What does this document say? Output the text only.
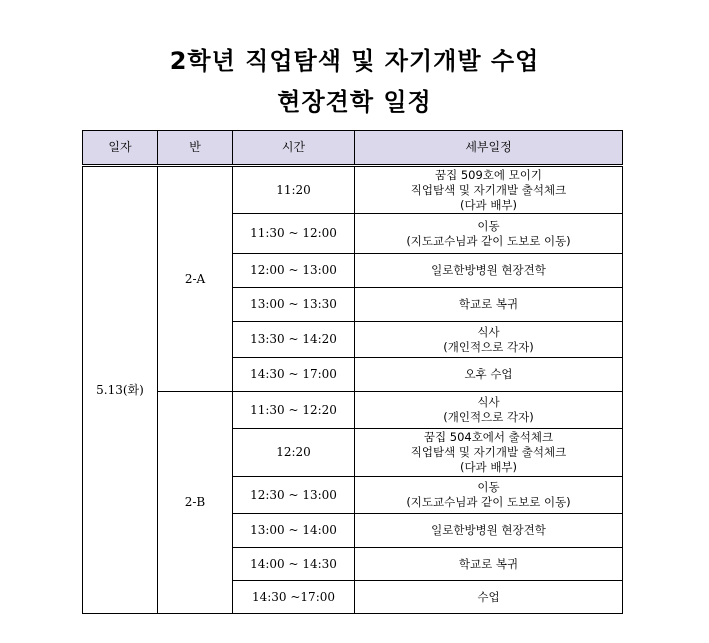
2학년 직업탐색 및 자기개발 수업
현장견학 일정
일자	반	시간	세부일정
5.13(화)	2-A	11:20	꿈집 509호에 모이기
직업탐색 및 자기개발 출석체크
(다과 배부)

		11:30 ~ 12:00	이동
(지도교수님과 같이 도보로 이동)

		12:00 ~ 13:00	일로한방병원 현장견학

		13:00 ~ 13:30	학교로 복귀

		13:30 ~ 14:20	식사
(개인적으로 각자)

		14:30 ~ 17:00	오후 수업

	2-B	11:30 ~ 12:20	식사
(개인적으로 각자)

		12:20	꿈집 504호에서 출석체크
직업탐색 및 자기개발 출석체크
(다과 배부)

		12:30 ~ 13:00	이동
(지도교수님과 같이 도보로 이동)

		13:00 ~ 14:00	일로한방병원 현장견학

		14:00 ~ 14:30	학교로 복귀

		14:30 ~17:00	수업
